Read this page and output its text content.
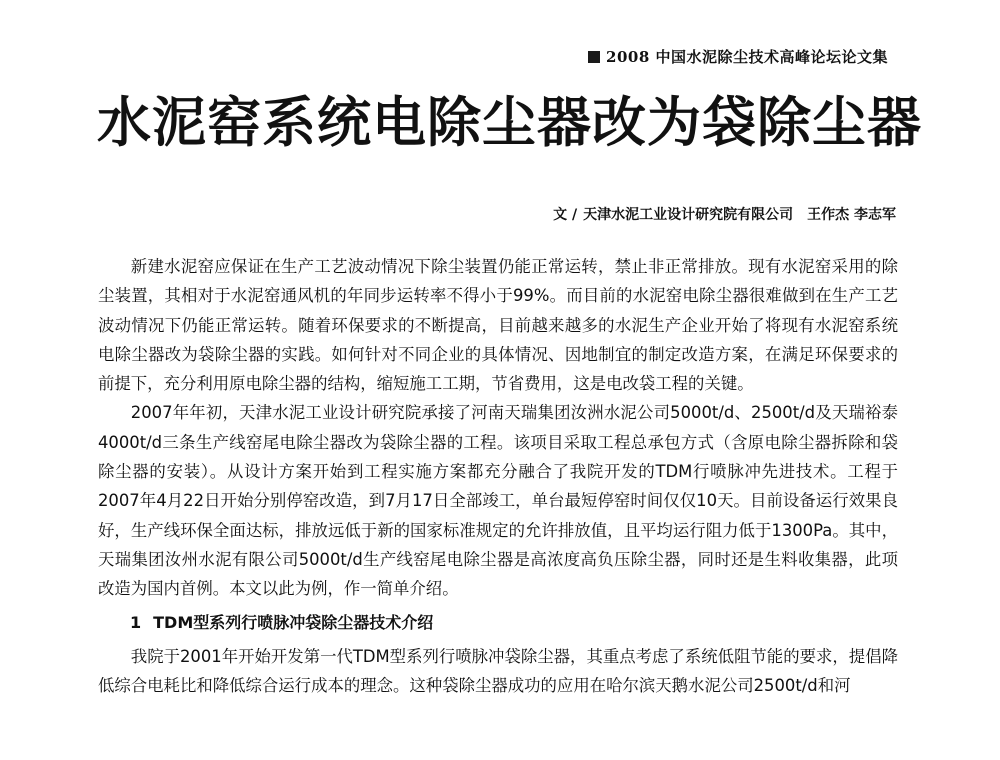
2008 中国水泥除尘技术高峰论坛论文集
水泥窑系统电除尘器改为袋除尘器
文 / 天津水泥工业设计研究院有限公司 王作杰 李志军

新建水泥窑应保证在生产工艺波动情况下除尘装置仍能正常运转，禁止非正常排放。现有水泥窑采用的除尘装置，其相对于水泥窑通风机的年同步运转率不得小于99%。而目前的水泥窑电除尘器很难做到在生产工艺波动情况下仍能正常运转。随着环保要求的不断提高，目前越来越多的水泥生产企业开始了将现有水泥窑系统电除尘器改为袋除尘器的实践。如何针对不同企业的具体情况、因地制宜的制定改造方案，在满足环保要求的前提下，充分利用原电除尘器的结构，缩短施工工期，节省费用，这是电改袋工程的关键。

2007年年初，天津水泥工业设计研究院承接了河南天瑞集团汝洲水泥公司5000t/d、2500t/d及天瑞裕泰4000t/d三条生产线窑尾电除尘器改为袋除尘器的工程。该项目采取工程总承包方式（含原电除尘器拆除和袋除尘器的安装）。从设计方案开始到工程实施方案都充分融合了我院开发的TDM行喷脉冲先进技术。工程于2007年4月22日开始分别停窑改造，到7月17日全部竣工，单台最短停窑时间仅仅10天。目前设备运行效果良好，生产线环保全面达标，排放远低于新的国家标准规定的允许排放值，且平均运行阻力低于1300Pa。其中，天瑞集团汝州水泥有限公司5000t/d生产线窑尾电除尘器是高浓度高负压除尘器，同时还是生料收集器，此项改造为国内首例。本文以此为例，作一简单介绍。

1 TDM型系列行喷脉冲袋除尘器技术介绍

我院于2001年开始开发第一代TDM型系列行喷脉冲袋除尘器，其重点考虑了系统低阻节能的要求，提倡降低综合电耗比和降低综合运行成本的理念。这种袋除尘器成功的应用在哈尔滨天鹅水泥公司2500t/d和河
